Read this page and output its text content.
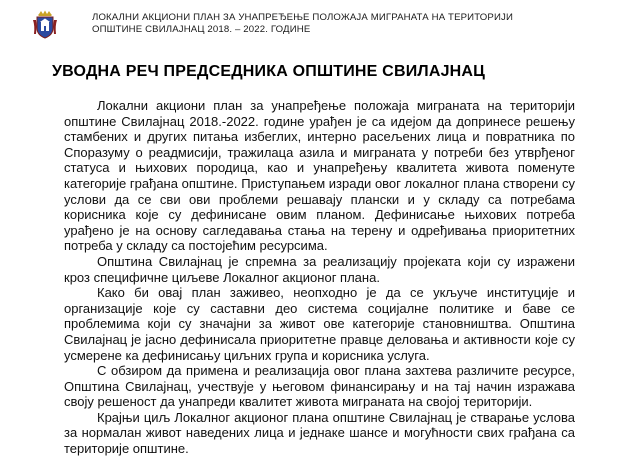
ЛОКАЛНИ АКЦИОНИ ПЛАН ЗА УНАПРЕЂЕЊЕ ПОЛОЖАЈА МИГРАНАТА НА ТЕРИТОРИЈИ
ОПШТИНЕ СВИЛАЈНАЦ 2018. – 2022. ГОДИНЕ
УВОДНА РЕЧ ПРЕДСЕДНИКА ОПШТИНЕ СВИЛАЈНАЦ

Локални акциони план за унапређење положаја миграната на територији општине Свилајнац 2018.-2022. године урађен је са идејом да допринесе решењу стамбених и других питања избеглих, интерно расељених лица и повратника по Споразуму о реадмисији, тражилаца азила и миграната у потреби без утврђеног статуса и њихових породица, као и унапређењу квалитета живота поменуте категорије грађана општине. Приступањем изради овог локалног плана створени су услови да се сви ови проблеми решавају плански и у складу са потребама корисника које су дефинисане овим планом. Дефинисање њихових потреба урађено је на основу сагледавања стања на терену и одређивања приоритетних потреба у складу са постојећим ресурсима.

Општина Свилајнац је спремна за реализацију пројеката који су изражени кроз специфичне циљеве Локалног акционог плана.

Како би овај план заживео, неопходно је да се укључе институције и организације које су саставни део система социјалне политике и баве се проблемима који су значајни за живот ове категорије становништва. Општина Свилајнац је јасно дефинисала приоритетне правце деловања и активности које су усмерене ка дефинисању циљних група и корисника услуга.

С обзиром да примена и реализација овог плана захтева различите ресурсе, Општина Свилајнац, учествује у његовом финансирању и на тај начин изражава своју решеност да унапреди квалитет живота миграната на својој територији.

Крајњи циљ Локалног акционог плана општине Свилајнац је стварање услова за нормалан живот наведених лица и једнаке шансе и могућности свих грађана са територије општине.
